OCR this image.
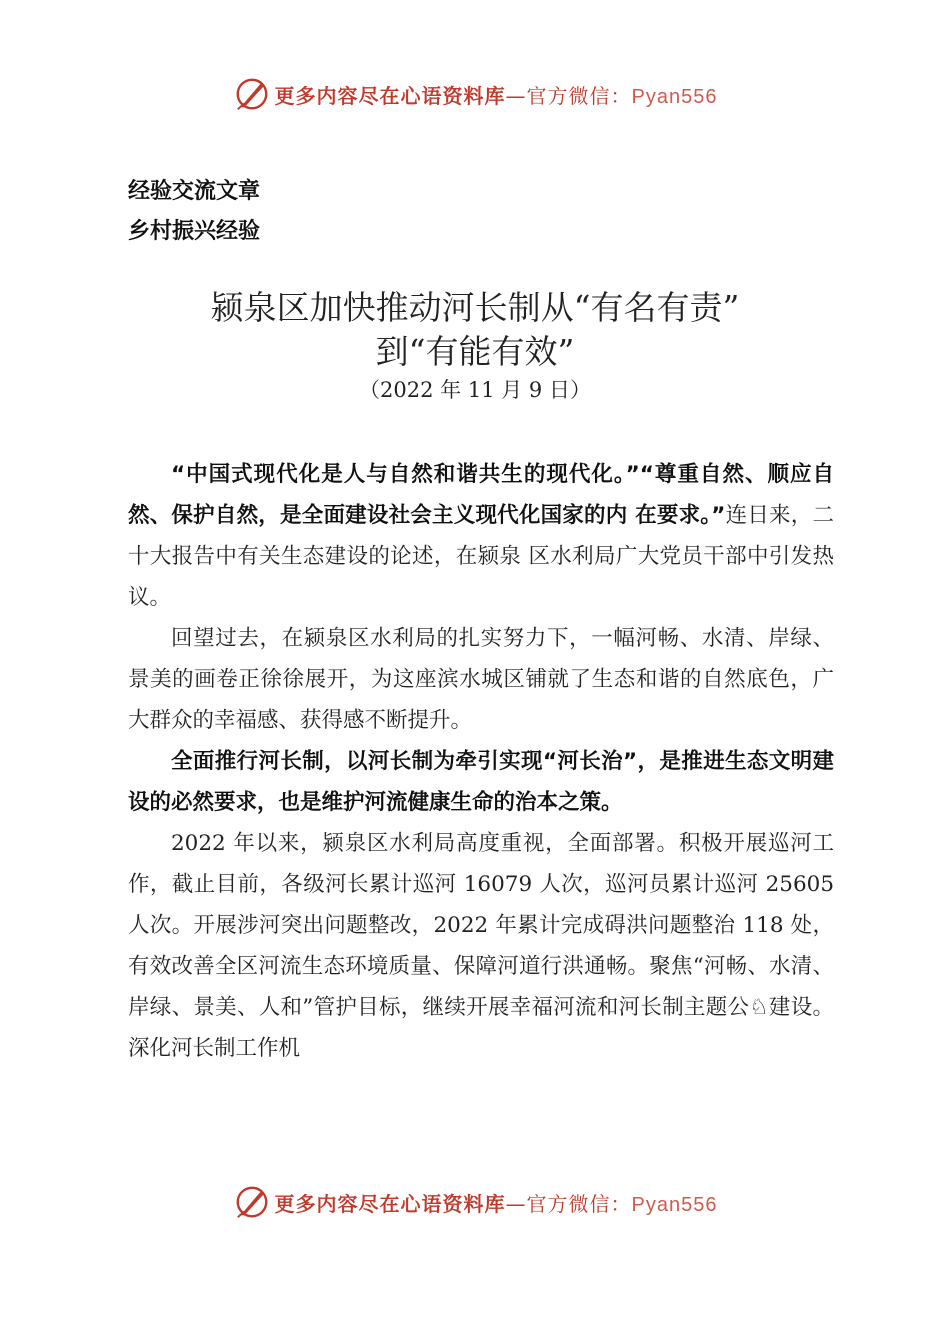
更多内容尽在心语资料库—官方微信：Pyan556
经验交流文章
乡村振兴经验
颍泉区加快推动河长制从“有名有责”
到“有能有效”
（2022 年 11 月 9 日）

“中国式现代化是人与自然和谐共生的现代化。”“尊重自然、顺应自然、保护自然，是全面建设社会主义现代化国家的内 在要求。”连日来，二十大报告中有关生态建设的论述，在颍泉 区水利局广大党员干部中引发热议。

回望过去，在颍泉区水利局的扎实努力下，一幅河畅、水清、岸绿、景美的画卷正徐徐展开，为这座滨水城区铺就了生态和谐的自然底色，广大群众的幸福感、获得感不断提升。

全面推行河长制，以河长制为牵引实现“河长治”，是推进生态文明建设的必然要求，也是维护河流健康生命的治本之策。

2022 年以来，颍泉区水利局高度重视，全面部署。积极开展巡河工作，截止目前，各级河长累计巡河 16079 人次，巡河员累计巡河 25605 人次。开展涉河突出问题整改，2022 年累计完成碍洪问题整治 118 处，有效改善全区河流生态环境质量、保障河道行洪通畅。聚焦“河畅、水清、岸绿、景美、人和”管护目标，继续开展幸福河流和河长制主题公♘建设。深化河长制工作机

更多内容尽在心语资料库—官方微信：Pyan556
